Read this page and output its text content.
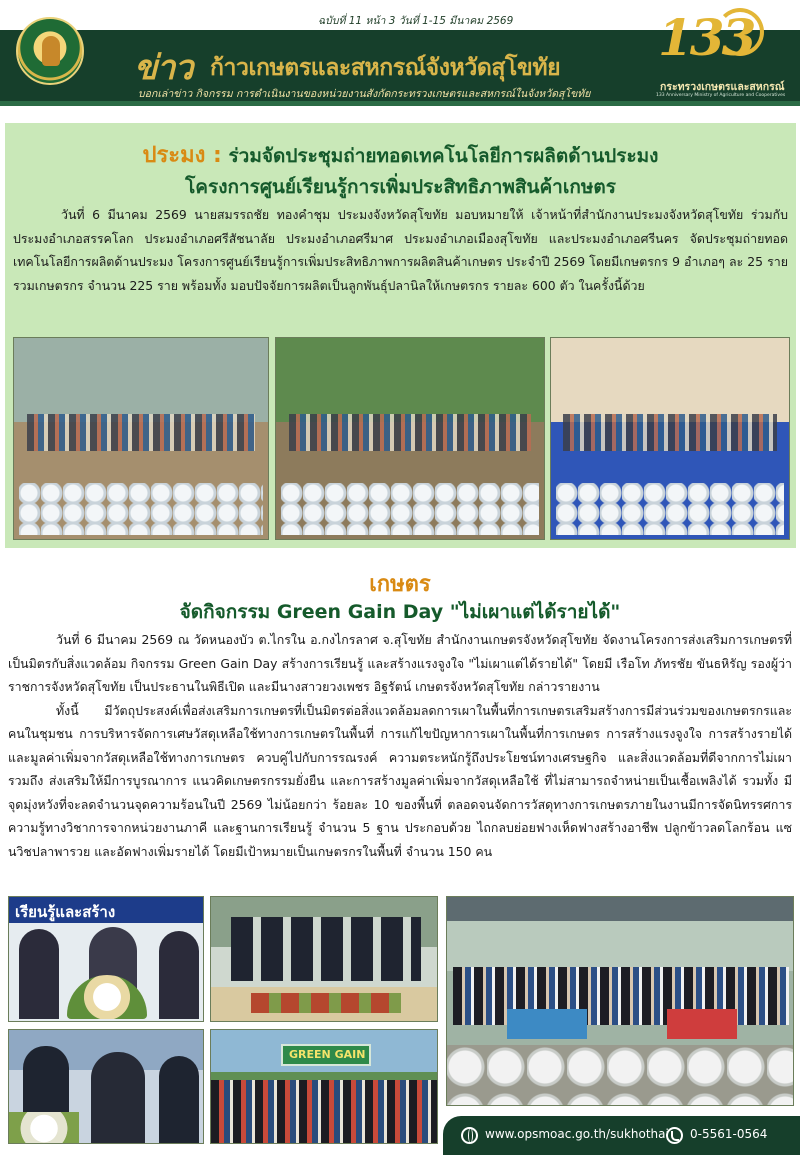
ฉบับที่ 11 หน้า 3 วันที่ 1-15 มีนาคม 2569
ข่าว ก้าวเกษตรและสหกรณ์จังหวัดสุโขทัย
บอกเล่าข่าว กิจกรรม การดำเนินงานของหน่วยงานสังกัดกระทรวงเกษตรและสหกรณ์ในจังหวัดสุโขทัย
133
กระทรวงเกษตรและสหกรณ์
133 Anniversary Ministry of Agriculture and Cooperatives
ประมง : ร่วมจัดประชุมถ่ายทอดเทคโนโลยีการผลิตด้านประมง
โครงการศูนย์เรียนรู้การเพิ่มประสิทธิภาพสินค้าเกษตร
วันที่ 6 มีนาคม 2569 นายสมรรถชัย ทองคำชุม ประมงจังหวัดสุโขทัย มอบหมายให้ เจ้าหน้าที่สำนักงานประมงจังหวัดสุโขทัย ร่วมกับประมงอำเภอสรรคโลก ประมงอำเภอศรีสัชนาลัย ประมงอำเภอศรีมาศ ประมงอำเภอเมืองสุโขทัย และประมงอำเภอศรีนคร จัดประชุมถ่ายทอดเทคโนโลยีการผลิตด้านประมง โครงการศูนย์เรียนรู้การเพิ่มประสิทธิภาพการผลิตสินค้าเกษตร ประจำปี 2569 โดยมีเกษตรกร 9 อำเภอๆ ละ 25 ราย รวมเกษตรกร จำนวน 225 ราย พร้อมทั้ง มอบปัจจัยการผลิตเป็นลูกพันธุ์ปลานิลให้เกษตรกร รายละ 600 ตัว ในครั้งนี้ด้วย
เกษตร
จัดกิจกรรม Green Gain Day "ไม่เผาแต่ได้รายได้"

วันที่ 6 มีนาคม 2569 ณ วัดหนองบัว ต.ไกรใน อ.กงไกรลาศ จ.สุโขทัย สำนักงานเกษตรจังหวัดสุโขทัย จัดงานโครงการส่งเสริมการเกษตรที่เป็นมิตรกับสิ่งแวดล้อม กิจกรรม Green Gain Day สร้างการเรียนรู้ และสร้างแรงจูงใจ "ไม่เผาแต่ได้รายได้" โดยมี เรือโท ภัทรชัย ขันธหิรัญ รองผู้ว่าราชการจังหวัดสุโขทัย เป็นประธานในพิธีเปิด และมีนางสาวยวงเพชร อิฐรัตน์ เกษตรจังหวัดสุโขทัย กล่าวรายงาน

ทั้งนี้ มีวัตถุประสงค์เพื่อส่งเสริมการเกษตรที่เป็นมิตรต่อสิ่งแวดล้อมลดการเผาในพื้นที่การเกษตรเสริมสร้างการมีส่วนร่วมของเกษตรกรและคนในชุมชน การบริหารจัดการเศษวัสดุเหลือใช้ทางการเกษตรในพื้นที่ การแก้ไขปัญหาการเผาในพื้นที่การเกษตร การสร้างแรงจูงใจ การสร้างรายได้และมูลค่าเพิ่มจากวัสดุเหลือใช้ทางการเกษตร ควบคู่ไปกับการรณรงค์ ความตระหนักรู้ถึงประโยชน์ทางเศรษฐกิจ และสิ่งแวดล้อมที่ดีจากการไม่เผา รวมถึง ส่งเสริมให้มีการบูรณาการ แนวคิดเกษตรกรรมยั่งยืน และการสร้างมูลค่าเพิ่มจากวัสดุเหลือใช้ ที่ไม่สามารถจำหน่ายเป็นเชื้อเพลิงได้ รวมทั้ง มีจุดมุ่งหวังที่จะลดจำนวนจุดความร้อนในปี 2569 ไม่น้อยกว่า ร้อยละ 10 ของพื้นที่ ตลอดจนจัดการวัสดุทางการเกษตรภายในงานมีการจัดนิทรรศการ ความรู้ทางวิชาการจากหน่วยงานภาคี และฐานการเรียนรู้ จำนวน 5 ฐาน ประกอบด้วย ไถกลบย่อยฟางเห็ดฟางสร้างอาชีพ ปลูกข้าวลดโลกร้อน แซนวิชปลาพารวย และอัดฟางเพิ่มรายได้ โดยมีเป้าหมายเป็นเกษตรกรในพื้นที่ จำนวน 150 คน

เรียนรู้และสร้าง
GREEN GAIN
www.opsmoac.go.th/sukhothai 0-5561-0564
